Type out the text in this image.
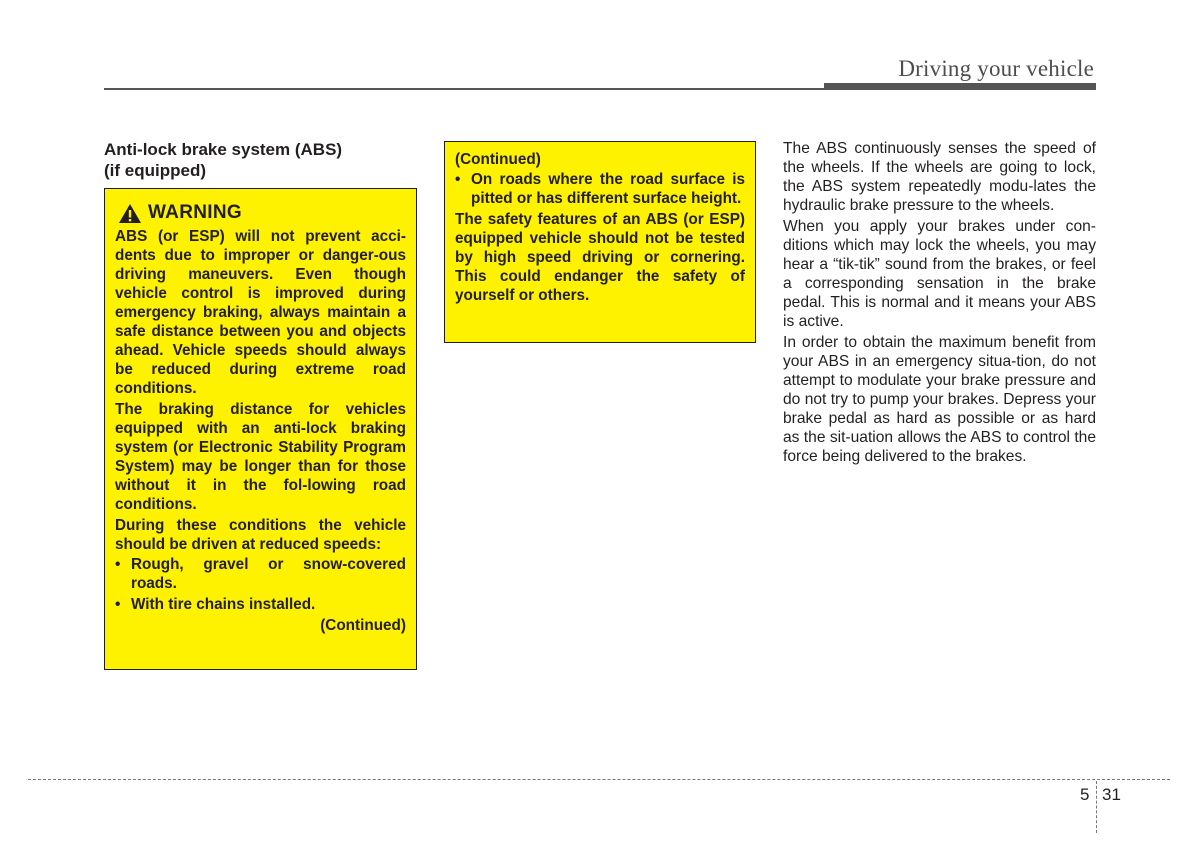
Driving your vehicle
Anti-lock brake system (ABS)
(if equipped)
WARNING

ABS (or ESP) will not prevent acci-dents due to improper or danger-ous driving maneuvers. Even though vehicle control is improved during emergency braking, always maintain a safe distance between you and objects ahead. Vehicle speeds should always be reduced during extreme road conditions.

The braking distance for vehicles equipped with an anti-lock braking system (or Electronic Stability Program System) may be longer than for those without it in the fol-lowing road conditions.

During these conditions the vehicle should be driven at reduced speeds:

• Rough, gravel or snow-covered roads.
• With tire chains installed.

(Continued)

(Continued)

• On roads where the road surface is pitted or has different surface height.

The safety features of an ABS (or ESP) equipped vehicle should not be tested by high speed driving or cornering. This could endanger the safety of yourself or others.

The ABS continuously senses the speed of the wheels. If the wheels are going to lock, the ABS system repeatedly modu-lates the hydraulic brake pressure to the wheels.

When you apply your brakes under con-ditions which may lock the wheels, you may hear a “tik-tik” sound from the brakes, or feel a corresponding sensation in the brake pedal. This is normal and it means your ABS is active.

In order to obtain the maximum benefit from your ABS in an emergency situa-tion, do not attempt to modulate your brake pressure and do not try to pump your brakes. Depress your brake pedal as hard as possible or as hard as the sit-uation allows the ABS to control the force being delivered to the brakes.

5 31
